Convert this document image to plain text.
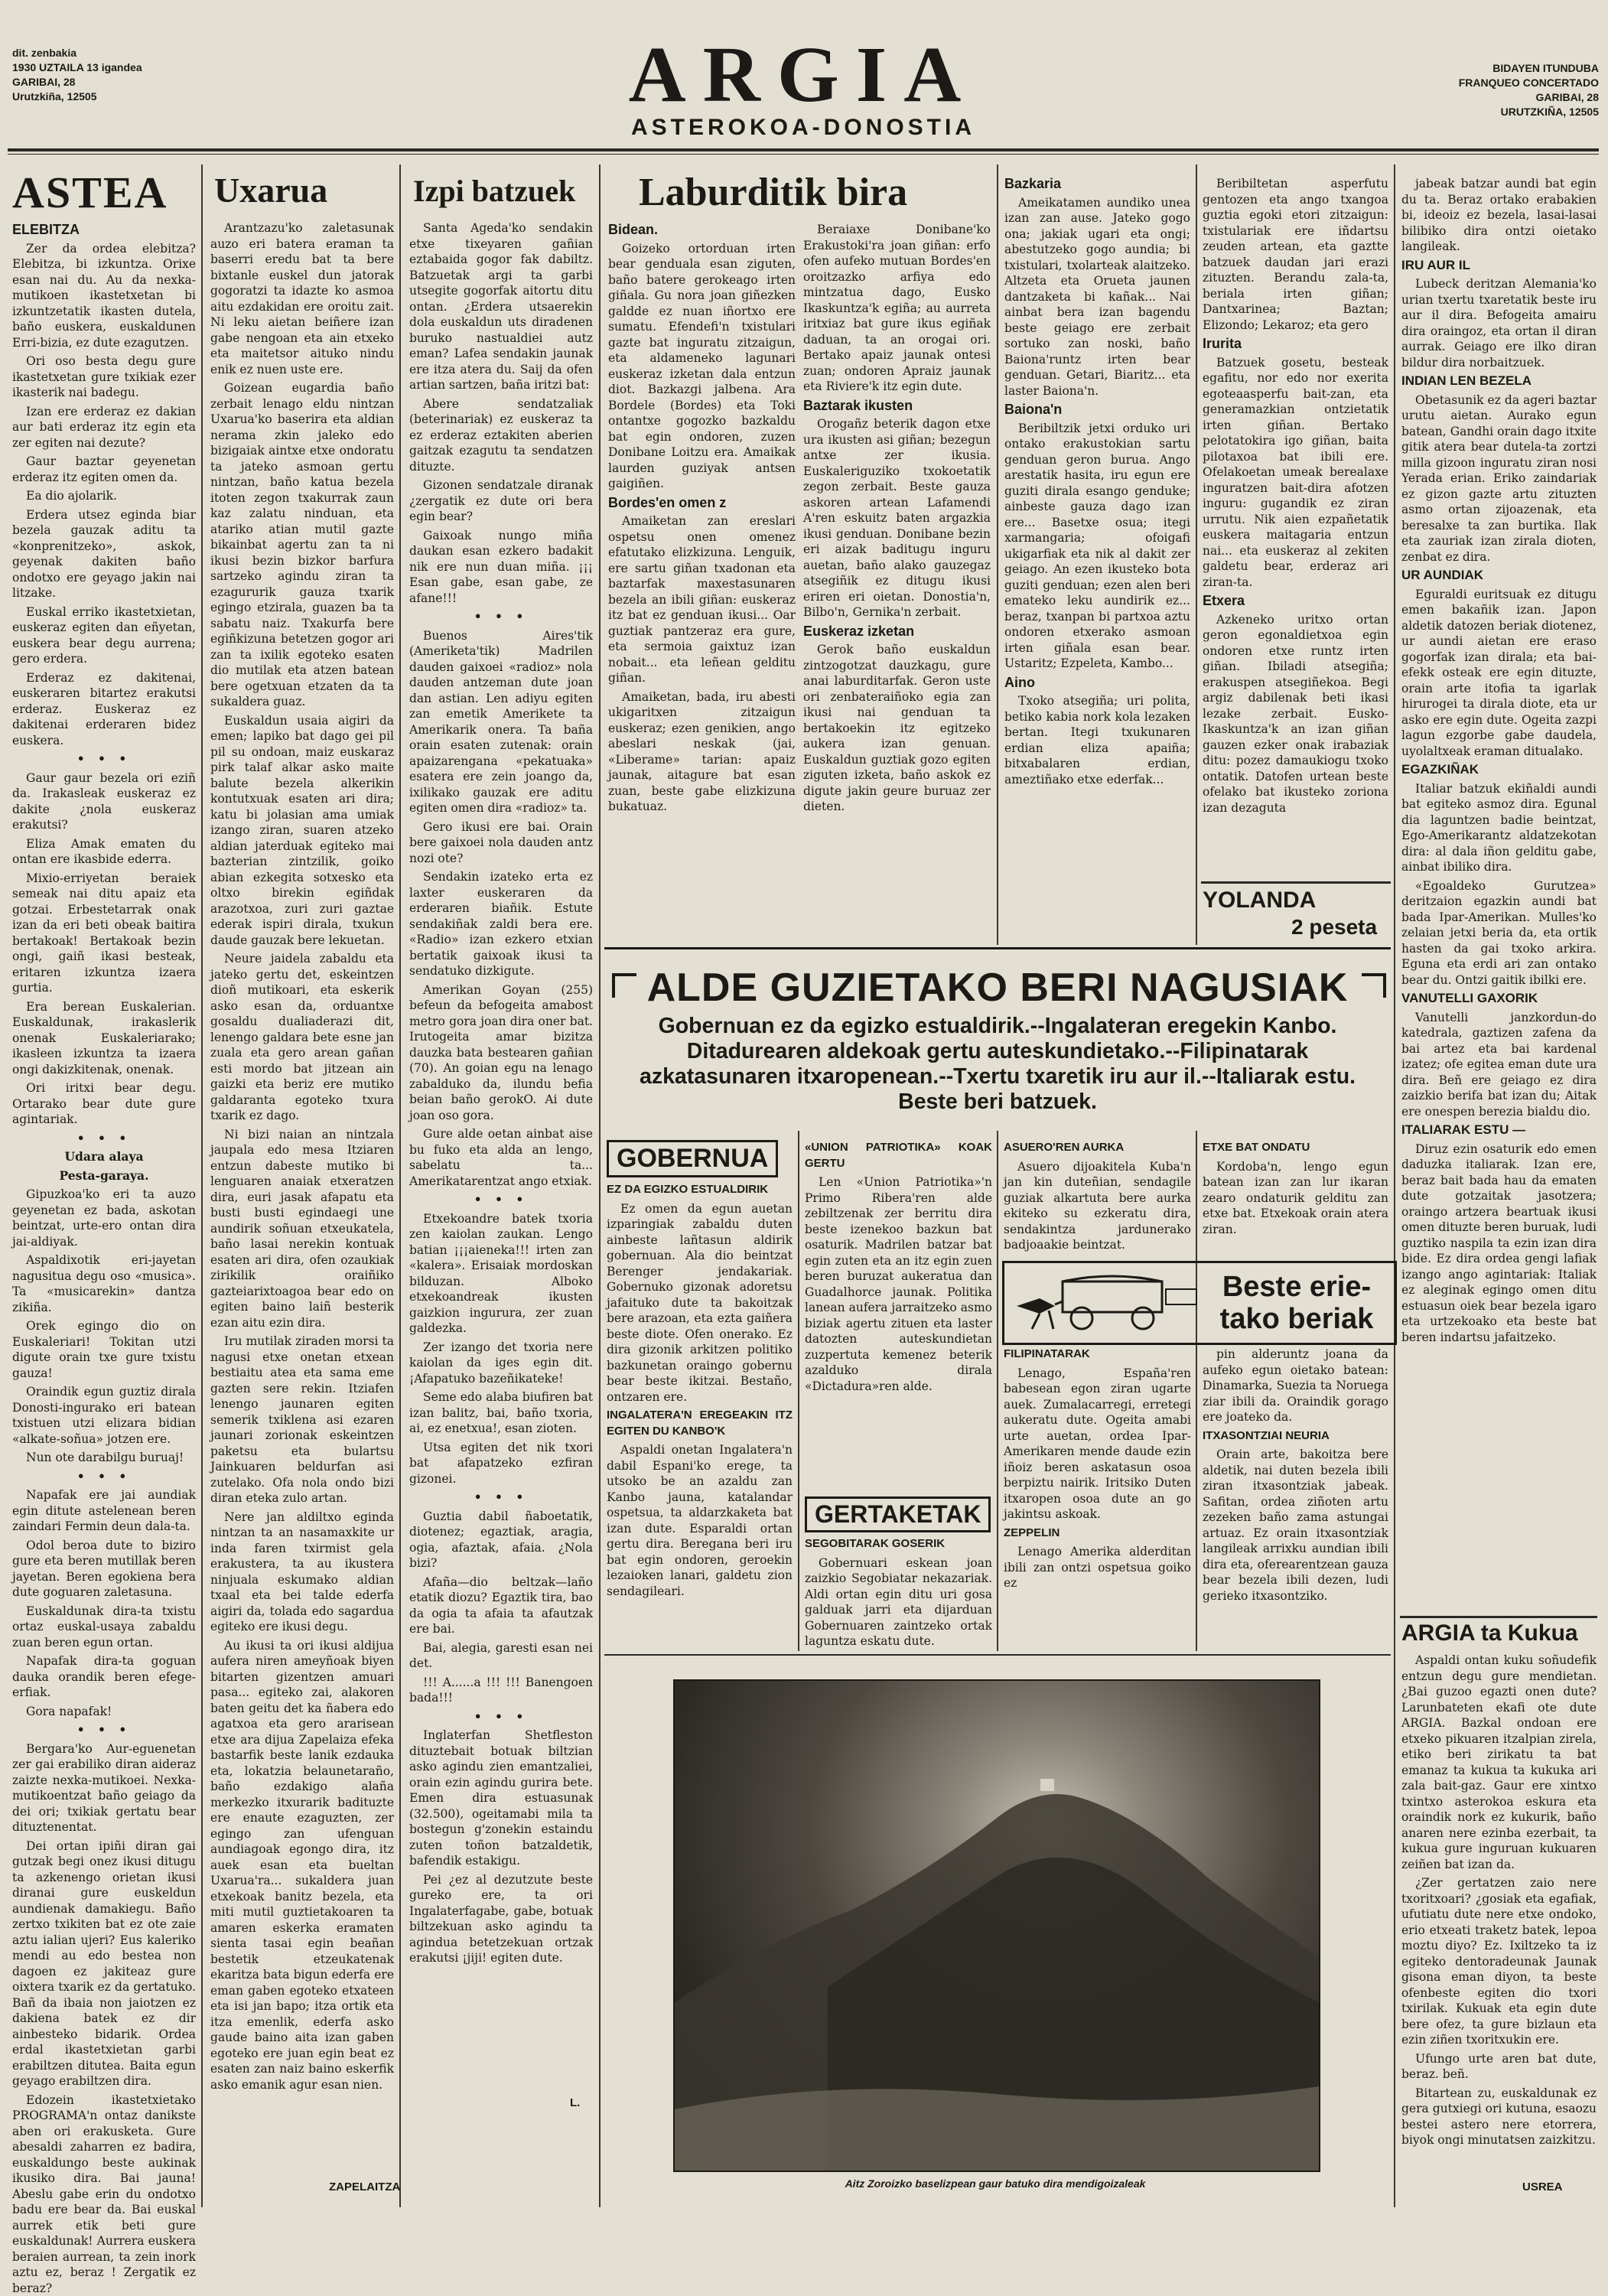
dit. zenbakia
1930 UZTAILA 13 igandea
GARIBAI, 28
Urutzkiña, 12505	ARGIA
ASTEROKOA-DONOSTIA
BIDAYEN ITUNDUBA
FRANQUEO CONCERTADO
GARIBAI, 28
URUTZKIÑA, 12505
ASTEA

ELEBITZA

Zer da ordea elebitza? Elebitza, bi izkuntza. Orixe esan nai du. Au da nexka-mutikoen ikastetxetan bi izkuntzetatik ikasten dutela, baño euskera, euskaldunen Erri-bizia, ez dute ezagutzen.

Ori oso besta degu gure ikastetxetan gure txikiak ezer ikasterik nai badegu.

Izan ere erderaz ez dakian aur bati erderaz itz egin eta zer egiten nai dezute?

Gaur baztar geyenetan erderaz itz egiten omen da.

Ea dio ajolarik.

Erdera utsez eginda biar bezela gauzak aditu ta «konprenitzeko», askok, geyenak dakiten baño ondotxo ere geyago jakin nai litzake.

Euskal erriko ikastetxietan, euskeraz egiten dan eñyetan, euskera bear degu aurrena; gero erdera.

Erderaz ez dakitenai, euskeraren bitartez erakutsi erderaz. Euskeraz ez dakitenai erderaren bidez euskera.

• • •

Gaur gaur bezela ori eziñ da. Irakasleak euskeraz ez dakite ¿nola euskeraz erakutsi?

Eliza Amak ematen du ontan ere ikasbide ederra.

Mixio-erriyetan beraiek semeak nai ditu apaiz eta gotzai. Erbestetarrak onak izan da eri beti obeak baitira bertakoak! Bertakoak bezin ongi, gaiñ ikasi besteak, eritaren izkuntza izaera gurtia.

Era berean Euskalerian. Euskaldunak, irakaslerik onenak Euskaleriarako; ikasleen izkuntza ta izaera ongi dakizkitenak, onenak.

Ori iritxi bear degu. Ortarako bear dute gure agintariak.

• • •

Udara alaya

Pesta-garaya.

Gipuzkoa'ko eri ta auzo geyenetan ez bada, askotan beintzat, urte-ero ontan dira jai-aldiyak.

Aspaldixotik eri-jayetan nagusitua degu oso «musica». Ta «musicarekin» dantza zikiña.

Orek egingo dio on Euskaleriari! Tokitan utzi digute orain txe gure txistu gauza!

Oraindik egun guztiz dirala Donosti-ingurako eri batean txistuen utzi elizara bidian «alkate-soñua» jotzen ere.

Nun ote darabilgu buruaj!

• • •

Napafak ere jai aundiak egin ditute astelenean beren zaindari Fermin deun dala-ta.

Odol beroa dute to biziro gure eta beren mutillak beren jayetan. Beren egokiena bera dute goguaren zaletasuna.

Euskaldunak dira-ta txistu ortaz euskal-usaya zabaldu zuan beren egun ortan.

Napafak dira-ta goguan dauka orandik beren efege-erfiak.

Gora napafak!

• • •

Bergara'ko Aur-eguenetan zer gai erabiliko diran aideraz zaizte nexka-mutikoei. Nexka-mutikoentzat baño geiago da dei ori; txikiak gertatu bear dituztenentat.

Dei ortan ipiñi diran gai gutzak begi onez ikusi ditugu ta azkenengo orietan ikusi diranai gure euskeldun aundienak damakiegu. Baño zertxo txikiten bat ez ote zaie aztu ialian ujeri? Eus kaleriko mendi au edo bestea non dagoen ez jakiteaz gure oixtera txarik ez da gertatuko. Bañ da ibaia non jaiotzen ez dakiena batek ez dir ainbesteko bidarik. Ordea erdal ikastetxietan garbi erabiltzen ditutea. Baita egun geyago erabiltzen dira.

Edozein ikastetxietako PROGRAMA'n ontaz danikste aben ori erakusketa. Gure abesaldi zaharren ez badira, euskaldungo beste aukinak ikusiko dira. Bai jauna! Abeslu gabe erin du ondotxo badu ere bear da. Bai euskal aurrek etik beti gure euskaldunak! Aurrera euskera beraien aurrean, ta zein inork aztu ez, beraz ! Zergatik ez beraz?

Uxarua

Arantzazu'ko zaletasunak auzo eri batera eraman ta baserri eredu bat ta bere bixtanle euskel dun jatorak gogoratzi ta idazte ko asmoa aitu ezdakidan ere oroitu zait. Ni leku aietan beiñere izan gabe nengoan eta ain etxeko eta maitetsor aituko nindu enik ez nuen uste ere.

Goizean eugardia baño zerbait lenago eldu nintzan Uxarua'ko baserira eta aldian nerama zkin jaleko edo bizigaiak aintxe etxe ondoratu ta jateko asmoan gertu nintzan, baño katua bezela itoten zegon txakurrak zaun kaz zalatu ninduan, eta atariko atian mutil gazte bikainbat agertu zan ta ni ikusi bezin bizkor barfura sartzeko agindu ziran ta ezagururik gauza txarik egingo etzirala, guazen ba ta sabatu naiz. Txakurfa bere egiñkizuna betetzen gogor ari zan ta ixilik egoteko esaten dio mutilak eta atzen batean bere ogetxuan etzaten da ta sukaldera guaz.

Euskaldun usaia aigiri da emen; lapiko bat dago gei pil pil su ondoan, maiz euskaraz pirk talaf alkar asko maite balute bezela alkerikin kontutxuak esaten ari dira; katu bi jolasian ama umiak izango ziran, suaren atzeko aldian jaterduak egiteko mai bazterian zintzilik, goiko abian ezkegita sotxesko eta oltxo birekin egiñdak arazotxoa, zuri zuri gaztae ederak ispiri dirala, txukun daude gauzak bere lekuetan.

Neure jaidela zabaldu eta jateko gertu det, eskeintzen dioñ mutikoari, eta eskerik asko esan da, orduantxe gosaldu dualiaderazi dit, lenengo galdara bete esne jan zuala eta gero arean gañan esti mordo bat jitzean ain gaizki eta beriz ere mutiko galdaranta egoteko txura txarik ez dago.

Ni bizi naian an nintzala jaupala edo mesa Itziaren entzun dabeste mutiko bi lenguaren anaiak etxeratzen dira, euri jasak afapatu eta busti busti egindaegi une aundirik soñuan etxeukatela, baño lasai nerekin kontuak esaten ari dira, ofen ozaukiak zirikilik oraiñiko gazteiarixtoagoa bear edo on egiten baino laiñ besterik ezan aitu ezin dira.

Iru mutilak ziraden morsi ta nagusi etxe onetan etxean bestiaitu atea eta sama eme gazten sere rekin. Itziafen lenengo jaunaren egiten semerik txiklena asi ezaren jaunari zorionak eskeintzen paketsu eta bulartsu Jainkuaren beldurfan asi zutelako. Ofa nola ondo bizi diran eteka zulo artan.

Nere jan aldiltxo eginda nintzan ta an nasamaxkite ur inda faren txirmist gela erakustera, ta au ikustera ninjuala eskumako aldian txaal eta bei talde ederfa aigiri da, tolada edo sagardua egiteko ere ikusi degu.

Au ikusi ta ori ikusi aldijua aufera niren ameyñoak biyen bitarten gizentzen amuari pasa... egiteko zai, alakoren baten geitu det ka ñabera edo agatxoa eta gero ararisean etxe ara dijua Zapelaiza efeka bastarfik beste lanik ezdauka eta, lokatzia belaunetaraño, baño ezdakigo alaña merkezko itxurarik badituzte ere enaute ezaguzten, zer egingo zan ufenguan aundiagoak egongo dira, itz auek esan eta bueltan Uxarua'ra... sukaldera juan etxekoak banitz bezela, eta miti mutil guztietakoaren ta amaren eskerka eramaten sienta tasai egin beañan bestetik etzeukatenak ekaritza bata bigun ederfa ere eman gaben egoteko etxateen eta isi jan bapo; itza ortik eta itza emenlik, ederfa asko gaude baino aita izan gaben egoteko ere juan egin beat ez esaten zan naiz baino eskerfik asko emanik agur esan nien.

ZAPELAITZA
Izpi batzuek

Santa Ageda'ko sendakin etxe tixeyaren gañian eztabaida gogor fak dabiltz. Batzuetak argi ta garbi utsegite gogorfak aitortu ditu ontan. ¿Erdera utsaerekin dola euskaldun uts diradenen buruko nastualdiei autz eman? Lafea sendakin jaunak ere itza atera du. Saij da ofen artian sartzen, baña iritzi bat:

Abere sendatzaliak (beterinariak) ez euskeraz ta ez erderaz eztakiten aberien gaitzak ezagutu ta sendatzen dituzte.

Gizonen sendatzale diranak ¿zergatik ez dute ori bera egin bear?

Gaixoak nungo miña daukan esan ezkero badakit nik ere nun duan miña. ¡¡¡ Esan gabe, esan gabe, ze afane!!!

• • •

Buenos Aires'tik (Ameriketa'tik) Madrilen dauden gaixoei «radioz» nola dauden antzeman dute joan dan astian. Len adiyu egiten zan emetik Amerikete ta Amerikarik onera. Ta baña orain esaten zutenak: orain apaizarengana «pekatuaka» esatera ere zein joango da, ixilikako gauzak ere aditu egiten omen dira «radioz» ta.

Gero ikusi ere bai. Orain bere gaixoei nola dauden antz nozi ote?

Sendakin izateko erta ez laxter euskeraren da erderaren biañik. Estute sendakiñak zaldi bera ere. «Radio» izan ezkero etxian bertatik gaixoak ikusi ta sendatuko dizkigute.

Amerikan Goyan (255) befeun da befogeita amabost metro gora joan dira oner bat. Irutogeita amar bizitza dauzka bata bestearen gañian (70). An goian egu na lenago zabalduko da, ilundu befia beian baño gerokO. Ai dute joan oso gora.

Gure alde oetan ainbat aise bu fuko eta alda an lengo, sabelatu ta... Amerikatarentzat ango etxiak.

• • •

Etxekoandre batek txoria zen kaiolan zaukan. Lengo batian ¡¡¡aieneka!!! irten zan «kalera». Erisaiak mordoskan bilduzan. Alboko etxekoandreak ikusten gaizkion ingurura, zer zuan galdezka.

Zer izango det txoria nere kaiolan da iges egin dit. ¡Afapatuko bazeñikateke!

Seme edo alaba biufiren bat izan balitz, bai, baño txoria, ai, ez enetxua!, esan zioten.

Utsa egiten det nik txori bat afapatzeko ezfiran gizonei.

• • •

Guztia dabil ñaboetatik, diotenez; egaztiak, aragia, ogia, afaztak, afaia. ¿Nola bizi?

Afaña—dio beltzak—laño etatik diozu? Egaztik tira, bao da ogia ta afaia ta afautzak ere bai.

Bai, alegia, garesti esan nei det.

!!! A......a !!! !!! Banengoen bada!!!

• • •

Inglaterfan Shetfleston dituztebait botuak biltzian asko agindu zien emantzaliei, orain ezin agindu gurira bete. Emen dira estuasunak (32.500), ogeitamabi mila ta bostegun g'zonekin estaindu zuten toñon batzaldetik, bafendik estakigu.

Pei ¿ez al dezutzute beste gureko ere, ta ori Ingalaterfagabe, gabe, botuak biltzekuan asko agindu ta agindua betetzekuan ortzak erakutsi ¡jiji! egiten dute.

L.
Laburditik bira

Bidean.

Goizeko ortorduan irten bear genduala esan ziguten, baño batere gerokeago irten giñala. Gu nora joan giñezken galdde ez nuan iñortxo ere sumatu. Efendefi'n txistulari gazte bat inguratu zitzaigun, eta aldameneko lagunari euskeraz izketan dala entzun diot. Bazkazgi jalbena. Ara Bordele (Bordes) eta Toki ontantxe gogozko bazkaldu bat egin ondoren, zuzen Donibane Loitzu era. Amaikak laurden guziyak antsen gaigiñen.

Bordes'en omen z

Amaiketan zan ereslari ospetsu onen omenez efatutako elizkizuna. Lenguik, ere sartu giñan txadonan eta baztarfak maxestasunaren bezela an ibili giñan: euskeraz itz bat ez genduan ikusi... Oar guztiak pantzeraz era gure, eta sermoia gaixtuz izan nobait... eta leñean gelditu giñan.

Amaiketan, bada, iru abesti ukigaritxen zitzaigun euskeraz; ezen genikien, ango abeslari neskak (jai, «Liberame» tarian: apaiz jaunak, aitagure bat esan zuan, beste gabe elizkizuna bukatuaz.

Beraiaxe Donibane'ko Erakustoki'ra joan giñan: erfo ofen aufeko mutuan Bordes'en oroitzazko arfiya edo mintzatua dago, Eusko Ikaskuntza'k egiña; au aurreta iritxiaz bat gure ikus egiñak daduan, ta an orogai ori. Bertako apaiz jaunak ontesi zuan; ondoren Apraiz jaunak eta Riviere'k itz egin dute.

Baztarak ikusten

Orogañz beterik dagon etxe ura ikusten asi giñan; bezegun antxe zer ikusia. Euskaleriguziko txokoetatik zegon zerbait. Beste gauza askoren artean Lafamendi A'ren eskuitz baten argazkia ikusi genduan. Donibane bezin eri aizak baditugu inguru auetan, baño alako gauzegaz atsegiñik ez ditugu ikusi eriren eri oietan. Donostia'n, Bilbo'n, Gernika'n zerbait.

Euskeraz izketan

Gerok baño euskaldun zintzogotzat dauzkagu, gure anai laburditarfak. Geron uste ori zenbateraiñoko egia zan ikusi nai genduan ta bertakoekin itz egitzeko aukera izan genuan. Euskaldun guztiak gozo egiten ziguten izketa, baño askok ez digute jakin geure buruaz zer dieten.

Bazkaria

Ameikatamen aundiko unea izan zan ause. Jateko gogo ona; jakiak ugari eta ongi; abestutzeko gogo aundia; bi txistulari, txolarteak alaitzeko. Altzeta eta Orueta jaunen dantzaketa bi kañak... Nai ainbat bera izan bagendu beste geiago ere zerbait sortuko zan noski, baño Baiona'runtz irten bear genduan. Getari, Biaritz... eta laster Baiona'n.

Baiona'n

Beribiltzik jetxi orduko uri ontako erakustokian sartu genduan geron burua. Ango arestatik hasita, iru egun ere guziti dirala esango genduke; ainbeste gauza dago izan ere... Basetxe osua; itegi xarmangaria; ofoigafi ukigarfiak eta nik al dakit zer geiago. An ezen ikusteko bota guziti genduan; ezen alen beri emateko leku aundirik ez... beraz, txanpan bi partxoa aztu ondoren etxerako asmoan irten giñala esan bear. Ustaritz; Ezpeleta, Kambo...

Aino

Txoko atsegiña; uri polita, betiko kabia nork kola lezaken bertan. Itegi txukunaren erdian eliza apaiña; bitxabalaren erdian, ameztiñako etxe ederfak...

Beribiltetan asperfutu gentozen eta ango txangoa guztia egoki etori zitzaigun: txistulariak ere iñdartsu zeuden artean, eta gaztte batzuek daudan jari erazi zituzten. Berandu zala-ta, beriala irten giñan; Dantxarinea; Baztan; Elizondo; Lekaroz; eta gero

Irurita

Batzuek gosetu, besteak egafitu, nor edo nor exerita egoteaasperfu bait-zan, eta generamazkian ontzietatik irten giñan. Bertako pelotatokira igo giñan, baita pilotaxoa bat ibili ere. Ofelakoetan umeak berealaxe inguratzen bait-dira afotzen inguru: gugandik ez ziran urrutu. Nik aien ezpañetatik euskera maitagaria entzun nai... eta euskeraz al zekiten galdetu bear, erderaz ari ziran-ta.

Etxera

Azkeneko uritxo ortan geron egonaldietxoa egin ondoren etxe runtz irten giñan. Ibiladi atsegiña; erakuspen atsegiñekoa. Begi argiz dabilenak beti ikasi lezake zerbait. Eusko-Ikaskuntza'k an izan giñan gauzen ezker onak irabaziak ditu: pozez damaukiogu txoko ontatik. Datofen urtean beste ofelako bat ikusteko zoriona izan dezaguta

YOLANDA
2 peseta

jabeak batzar aundi bat egin du ta. Beraz ortako erabakien bi, ideoiz ez bezela, lasai-lasai bilibiko dira ontzi oietako langileak.

IRU AUR IL

Lubeck deritzan Alemania'ko urian txertu txaretatik beste iru aur il dira. Befogeita amairu dira oraingoz, eta ortan il diran aurrak. Geiago ere ilko diran bildur dira norbaitzuek.

INDIAN LEN BEZELA

Obetasunik ez da ageri baztar urutu aietan. Aurako egun batean, Gandhi orain dago itxite gitik atera bear dutela-ta zortzi milla gizoon inguratu ziran nosi Yerada erian. Eriko zaindariak ez gizon gazte artu zituzten asmo ortan zijoazenak, eta beresalxe ta zan burtika. Ilak eta zauriak izan zirala dioten, zenbat ez dira.

UR AUNDIAK

Eguraldi euritsuak ez ditugu emen bakañik izan. Japon aldetik datozen beriak diotenez, ur aundi aietan ere eraso gogorfak izan dirala; eta bai-efekk osteak ere egin dituzte, orain arte itofia ta igarlak hirurogei ta dirala diote, eta ur asko ere egin dute. Ogeita zazpi lagun ezgorbe gabe daudela, uyolaltxeak eraman ditualako.

EGAZKIÑAK

Italiar batzuk ekiñaldi aundi bat egiteko asmoz dira. Egunal dia laguntzen badie beintzat, Ego-Amerikarantz aldatzekotan dira: al dala iñon gelditu gabe, ainbat ibiliko dira.

«Egoaldeko Gurutzea» deritzaion egazkin aundi bat bada Ipar-Amerikan. Mulles'ko zelaian jetxi beria da, eta ortik hasten da gai txoko arkira. Eguna eta erdi ari zan ontako bear du. Ontzi gaitik ibilki ere.

VANUTELLI GAXORIK

Vanutelli janzkordun-do katedrala, gaztizen zafena da bai artez eta bai kardenal izatez; ofe egitea eman dute ura dira. Beñ ere geiago ez dira zaizkio berifa bat izan du; Aitak ere onespen berezia bialdu dio.

ITALIARAK ESTU —

Diruz ezin osaturik edo emen daduzka italiarak. Izan ere, beraz bait bada hau da ematen dute gotzaitak jasotzera; oraingo artzera beartuak ikusi omen dituzte beren buruak, ludi guztiko naspila ta ezin izan dira bide. Ez dira ordea gengi lafiak izango ango agintariak: Italiak ez aleginak egingo omen ditu estuasun oiek bear bezela igaro eta urtzekoako eta beste bat beren indartsu jafaitzeko.

ARGIA ta Kukua

Aspaldi ontan kuku soñudefik entzun degu gure mendietan. ¿Bai guzoo egazti onen dute? Larunbateten ekafi ote dute ARGIA. Bazkal ondoan ere etxeko pikuaren itzalpian zirela, etiko beri zirikatu ta bat emanaz ta kukua ta kukuka ari zala bait-gaz. Gaur ere xintxo txintxo asterokoa eskura eta oraindik nork ez kukurik, baño anaren nere ezinba ezerbait, ta kukua gure inguruan kukuaren zeiñen bat izan da.

¿Zer gertatzen zaio nere txoritxoari? ¿gosiak eta egafiak, ufutiatu dute nere etxe ondoko, erio etxeati traketz batek, lepoa moztu diyo? Ez. Ixiltzeko ta iz egiteko dentoradeunak Jaunak gisona eman diyon, ta beste ofenbeste egiten dio txori txirilak. Kukuak eta egin dute bere ofez, ta gure bizlaun eta ezin ziñen txoritxukin ere.

Ufungo urte aren bat dute, beraz. beñ.

Bitartean zu, euskaldunak ez gera gutxiegi ori kutuna, esaozu bestei astero nere etorrera, biyok ongi minutatsen zaizkitzu.

USREA
ALDE GUZIETAKO BERI NAGUSIAK
Gobernuan ez da egizko estualdirik.--Ingalateran eregekin Kanbo.
Ditadurearen aldekoak gertu auteskundietako.--Filipinatarak azkatasunaren itxaropenean.--Txertu txaretik iru aur il.--Italiarak estu.
Beste beri batzuek.
GOBERNUA

EZ DA EGIZKO ESTUALDIRIK

Ez omen da egun auetan izparingiak zabaldu duten ainbeste lañtasun aldirik gobernuan. Ala dio beintzat Berenger jendakariak. Gobernuko gizonak adoretsu jafaituko dute ta bakoitzak bere arazoan, eta ezta gaiñera beste diote. Ofen onerako. Ez dira gizonik arkitzen politiko bazkunetan oraingo gobernu bear beste ikitzai. Bestaño, ontzaren ere.

INGALATERA'N EREGEAKIN ITZ EGITEN DU KANBO'K

Aspaldi onetan Ingalatera'n dabil Espani'ko erege, ta utsoko be an azaldu zan Kanbo jauna, katalandar ospetsua, ta aldarzkaketa bat izan dute. Esparaldi ortan gertu dira. Beregana beri iru bat egin ondoren, geroekin lezaioken lanari, galdetu zion sendagileari.

«UNION PATRIOTIKA» KOAK GERTU

Len «Union Patriotika»'n Primo Ribera'ren alde zebiltzenak zer berritu dira beste izenekoo bazkun bat osaturik. Madrilen batzar bat egin zuten eta an itz egin zuen beren buruzat aukeratua dan Guadalhorce jaunak. Politika lanean aufera jarraitzeko asmo biziak agertu zituen eta laster datozten auteskundietan zuzpertuta kemenez beterik azalduko dirala «Dictadura»ren alde.

GERTAKETAK

SEGOBITARAK GOSERIK

Gobernuari eskean joan zaizkio Segobiatar nekazariak. Aldi ortan egin ditu uri gosa galduak jarri eta dijarduan Gobernuaren zaintzeko ortak laguntza eskatu dute.

ASUERO'REN AURKA

Asuero dijoakitela Kuba'n jan kin duteñian, sendagile guziak alkartuta bere aurka ekiteko su ezkeratu dira, sendakintza jardunerako badjoaakie beintzat.

Beste erie-tako beriak

FILIPINATARAK

Lenago, España'ren babesean egon ziran ugarte auek. Zumalacarregi, erretegi aukeratu dute. Ogeita amabi urte auetan, ordea Ipar-Amerikaren mende daude ezin iñoiz beren askatasun osoa berpiztu nairik. Iritsiko Duten itxaropen osoa dute an go jakintsu askoak.

ZEPPELIN

Lenago Amerika alderditan ibili zan ontzi ospetsua goiko ez

ETXE BAT ONDATU

Kordoba'n, lengo egun batean izan zan lur ikaran zearo ondaturik gelditu zan etxe bat. Etxekoak orain atera ziran.

pin alderuntz joana da aufeko egun oietako batean: Dinamarka, Suezia ta Noruega ziar ibili da. Oraindik gorago ere joateko da.

ITXASONTZIAI NEURIA

Orain arte, bakoitza bere aldetik, nai duten bezela ibili ziran itxasontziak jabeak. Safitan, ordea ziñoten artu zezeken baño zama astungai artuaz. Ez orain itxasontziak langileak arrixku aundian ibili dira eta, oferearentzean gauza bear bezela ibili dezen, ludi gerieko itxasontziko.

Aitz Zoroizko baselizpean gaur batuko dira mendigoizaleak
